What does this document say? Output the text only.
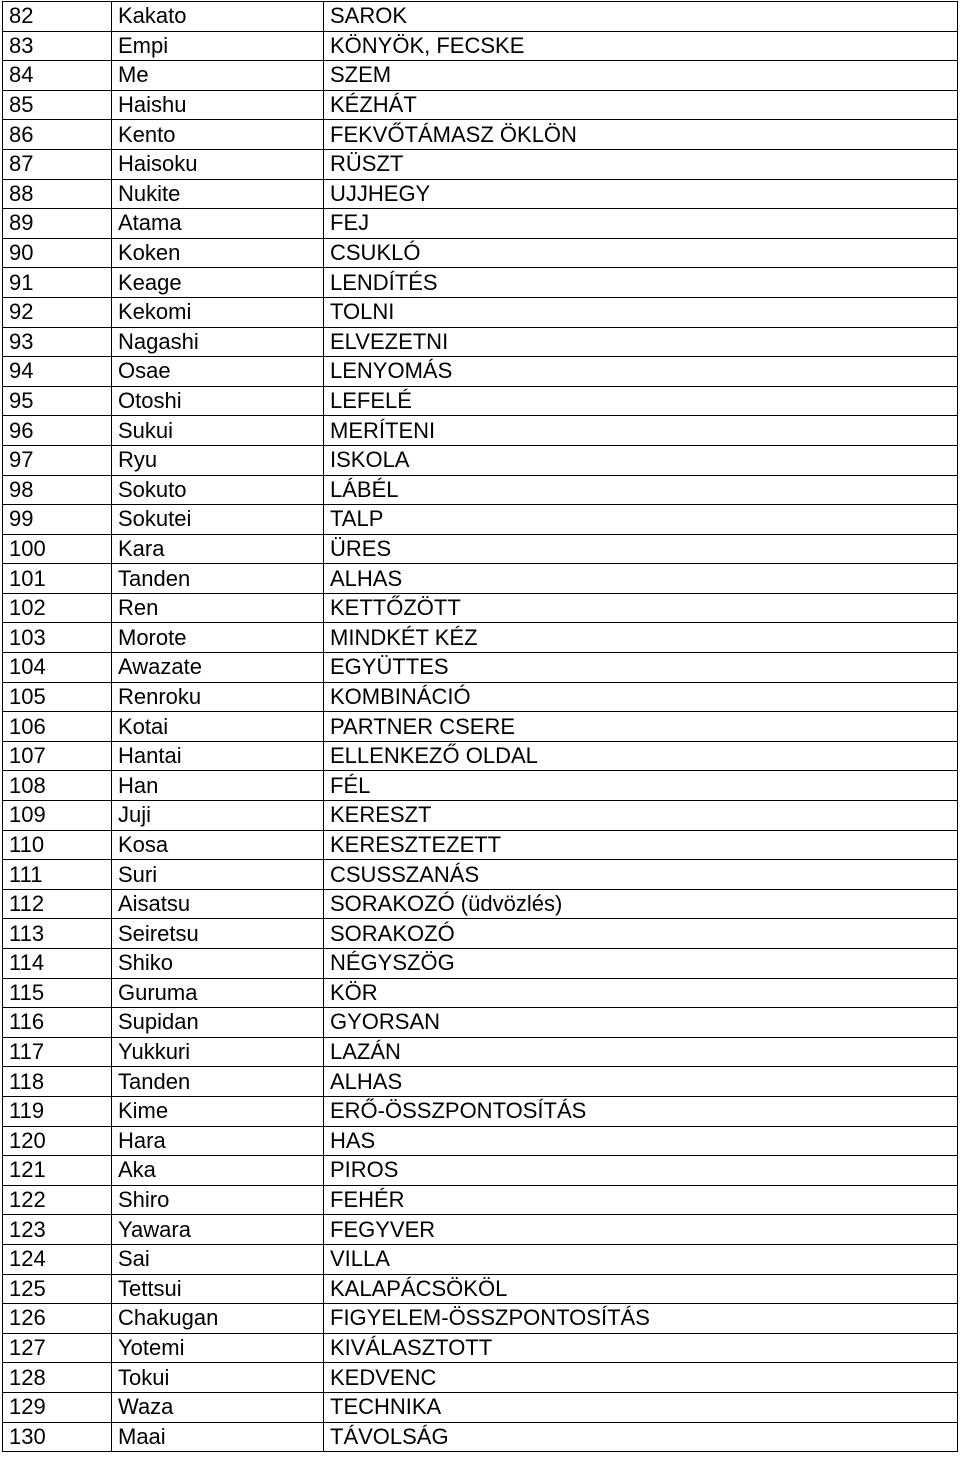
82	Kakato	SAROK
83	Empi	KÖNYÖK, FECSKE
84	Me	SZEM
85	Haishu	KÉZHÁT
86	Kento	FEKVŐTÁMASZ ÖKLÖN
87	Haisoku	RÜSZT
88	Nukite	UJJHEGY
89	Atama	FEJ
90	Koken	CSUKLÓ
91	Keage	LENDÍTÉS
92	Kekomi	TOLNI
93	Nagashi	ELVEZETNI
94	Osae	LENYOMÁS
95	Otoshi	LEFELÉ
96	Sukui	MERÍTENI
97	Ryu	ISKOLA
98	Sokuto	LÁBÉL
99	Sokutei	TALP
100	Kara	ÜRES
101	Tanden	ALHAS
102	Ren	KETTŐZÖTT
103	Morote	MINDKÉT KÉZ
104	Awazate	EGYÜTTES
105	Renroku	KOMBINÁCIÓ
106	Kotai	PARTNER CSERE
107	Hantai	ELLENKEZŐ OLDAL
108	Han	FÉL
109	Juji	KERESZT
110	Kosa	KERESZTEZETT
111	Suri	CSUSSZANÁS
112	Aisatsu	SORAKOZÓ (üdvözlés)
113	Seiretsu	SORAKOZÓ
114	Shiko	NÉGYSZÖG
115	Guruma	KÖR
116	Supidan	GYORSAN
117	Yukkuri	LAZÁN
118	Tanden	ALHAS
119	Kime	ERŐ-ÖSSZPONTOSÍTÁS
120	Hara	HAS
121	Aka	PIROS
122	Shiro	FEHÉR
123	Yawara	FEGYVER
124	Sai	VILLA
125	Tettsui	KALAPÁCSÖKÖL
126	Chakugan	FIGYELEM-ÖSSZPONTOSÍTÁS
127	Yotemi	KIVÁLASZTOTT
128	Tokui	KEDVENC
129	Waza	TECHNIKA
130	Maai	TÁVOLSÁG
